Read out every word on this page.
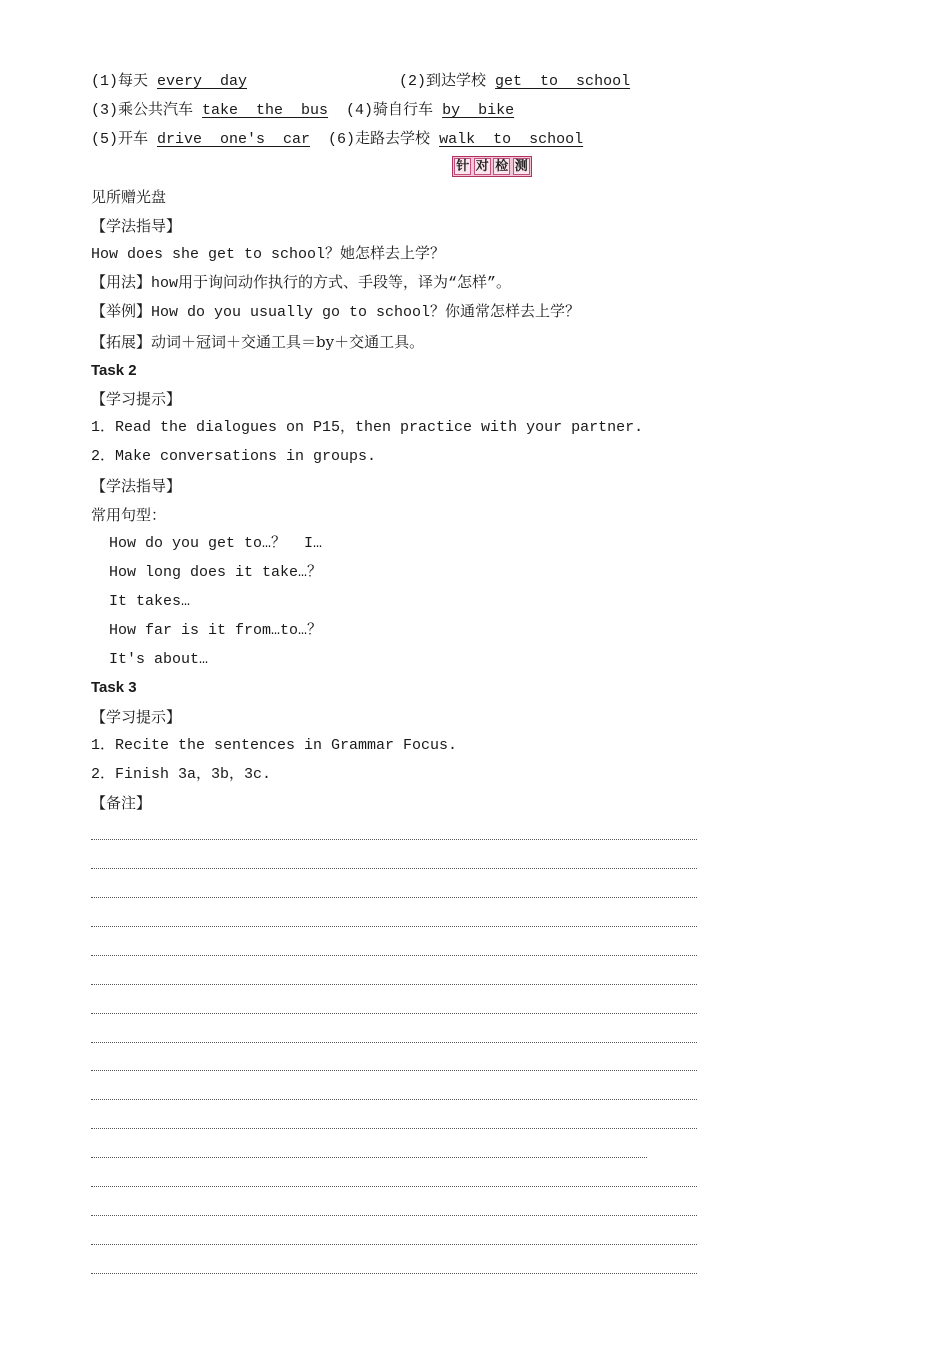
(1)每天 every  day	(2)到达学校 get  to  school
(3)乘公共汽车 take  the  bus  (4)骑自行车 by  bike
(5)开车 drive  one's  car  (6)走路去学校 walk  to  school
针 对 检 测
见所赠光盘
【学法指导】
How does she get to school？她怎样去上学？
【用法】how用于询问动作执行的方式、手段等，译为“怎样”。
【举例】How do you usually go to school？你通常怎样去上学？
【拓展】动词＋冠词＋交通工具＝by＋交通工具。
Task 2
【学习提示】
1．Read the dialogues on P15，then practice with your partner.
2．Make conversations in groups.
【学法指导】
常用句型：
How do you get to…？  I…
How long does it take…？
It takes…
How far is it from…to…？
It's about…
Task 3
【学习提示】
1．Recite the sentences in Grammar Focus.
2．Finish 3a，3b，3c.
【备注】
